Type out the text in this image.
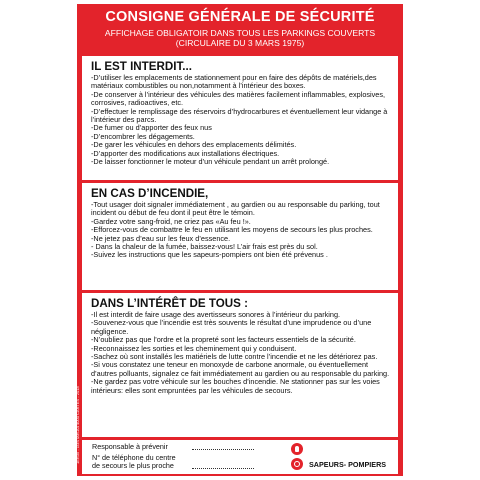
CONSIGNE GÉNÉRALE DE SÉCURITÉ
AFFICHAGE OBLIGATOIR DANS TOUS LES PARKINGS COUVERTS
(CIRCULAIRE DU 3 MARS 1975)
IL EST INTERDIT...
-D’utiliser les emplacements de stationnement pour en faire des dépôts de matériels,des matériaux combustibles ou non,notamment à l’intérieur des boxes.
-De conserver à l’intérieur des véhicules des matières facilement inflammables, explosives, corrosives, radioactives, etc.
-D’effectuer le remplissage des réservoirs d’hydrocarbures et éventuellement leur vidange à l’intérieur des parcs.
-De fumer ou d’apporter des feux nus
-D’encombrer les dégagements.
-De garer les véhicules en dehors des emplacements délimités.
-D’apporter des modifications aux installations électriques.
-De laisser fonctionner le moteur d’un véhicule pendant un arrêt prolongé.
EN CAS D’INCENDIE,
-Tout usager doit signaler immédiatement , au gardien ou au responsable du parking, tout incident ou début de feu dont il peut être le témoin.
-Gardez votre sang-froid, ne criez pas «Au feu !».
-Efforcez-vous de combattre le feu en utilisant les moyens de secours les plus proches.
-Ne jetez pas d’eau sur les feux d’essence.
- Dans la chaleur de la fumée, baissez-vous! L’air frais est près du sol.
-Suivez les instructions que les sapeurs-pompiers ont bien été prévenus .
DANS L’INTÉRÊT DE TOUS :
-Il est interdit de faire usage des avertisseurs sonores à l’intérieur du parking.
-Souvenez-vous que l’incendie est très souvents le résultat d’une imprudence ou d’une négligence.
-N’oubliez pas que l’ordre et la propreté sont les facteurs essentiels de la sécurité.
-Reconnaissez les sorties et les cheminement qui y conduisent.
-Sachez où sont installés les matiériels de lutte contre l’incendie et ne les détériorez pas.
-Si vous constatez une teneur en monoxyde de carbone anormale, ou éventuellement
d’autres polluants, signalez ce fait immédiatement au gardien ou au responsable du parking.
-Ne gardez pas votre véhicule sur les bouches d’incendie. Ne stationner pas sur les voies intérieurs: elles sont empruntées par les véhicules de secours.
Responsable à prévenir
N° de téléphone du centre
de secours le plus proche	SAPEURS- POMPIERS
1ER35 - 1/3STAR-A4 4000 CARTES - 2018
